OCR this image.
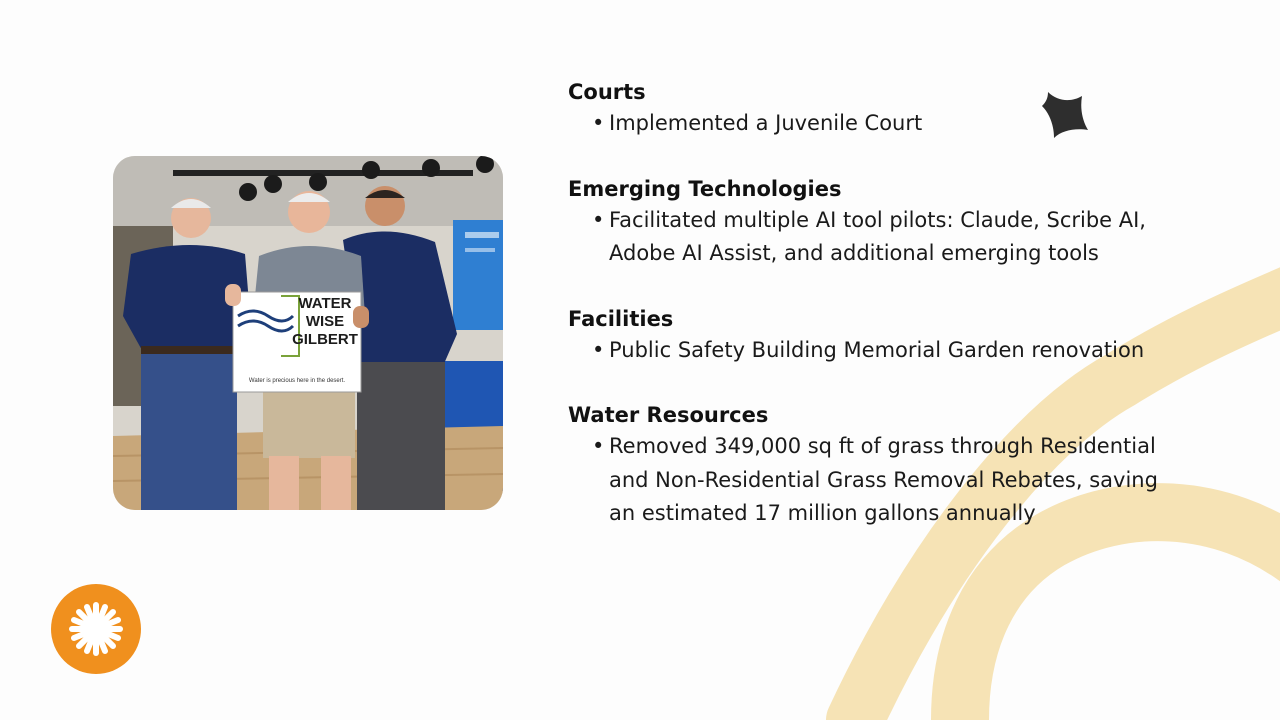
WATER
WISE
GILBERT
Water is precious here in the desert.
Courts
• Implemented a Juvenile Court
Emerging Technologies
• Facilitated multiple AI tool pilots: Claude, Scribe AI, Adobe AI Assist, and additional emerging tools
Facilities
• Public Safety Building Memorial Garden renovation
Water Resources
• Removed 349,000 sq ft of grass through Residential and Non-Residential Grass Removal Rebates, saving an estimated 17 million gallons annually
